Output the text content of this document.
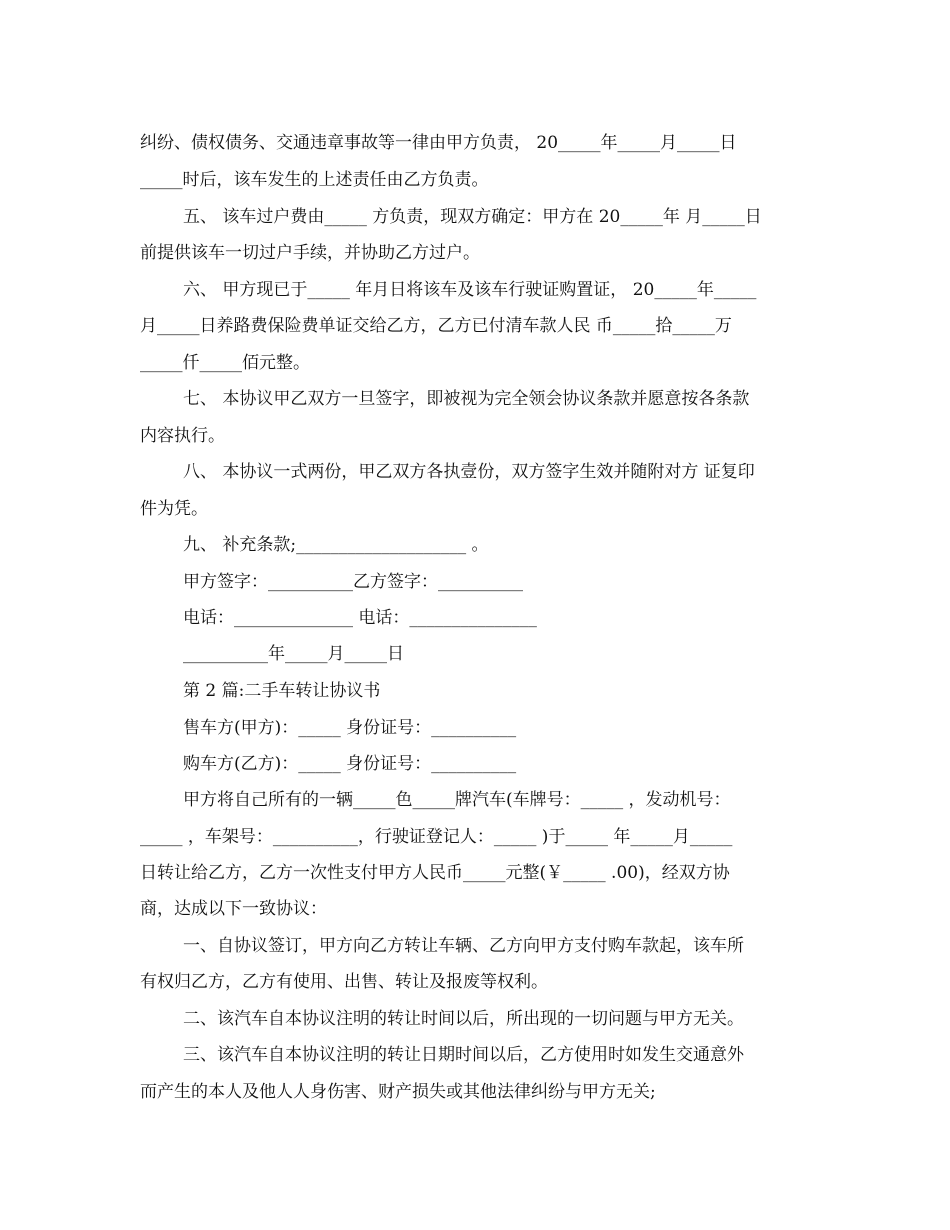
纠纷、债权债务、交通违章事故等一律由甲方负责， 20_____年_____月_____日
_____时后，该车发生的上述责任由乙方负责。
五、 该车过户费由_____ 方负责，现双方确定：甲方在 20_____年 月_____日
前提供该车一切过户手续，并协助乙方过户。
六、 甲方现已于_____ 年月日将该车及该车行驶证购置证， 20_____年_____
月_____日养路费保险费单证交给乙方，乙方已付清车款人民 币_____拾_____万
_____仟_____佰元整。
七、 本协议甲乙双方一旦签字，即被视为完全领会协议条款并愿意按各条款
内容执行。
八、 本协议一式两份，甲乙双方各执壹份，双方签字生效并随附对方 证复印
件为凭。
九、 补充条款;____________________ 。
甲方签字：__________乙方签字：__________
电话：______________ 电话：_______________
__________年_____月_____日
第 2 篇:二手车转让协议书
售车方(甲方)：_____ 身份证号：__________
购车方(乙方)：_____ 身份证号：__________
甲方将自己所有的一辆_____色_____牌汽车(车牌号：_____ ，发动机号：
_____ ，车架号：__________，行驶证登记人：_____ )于_____ 年_____月_____
日转让给乙方，乙方一次性支付甲方人民币_____元整(￥_____ .00)，经双方协
商，达成以下一致协议：
一、自协议签订，甲方向乙方转让车辆、乙方向甲方支付购车款起，该车所
有权归乙方，乙方有使用、出售、转让及报废等权利。
二、该汽车自本协议注明的转让时间以后，所出现的一切问题与甲方无关。
三、该汽车自本协议注明的转让日期时间以后，乙方使用时如发生交通意外
而产生的本人及他人人身伤害、财产损失或其他法律纠纷与甲方无关;
